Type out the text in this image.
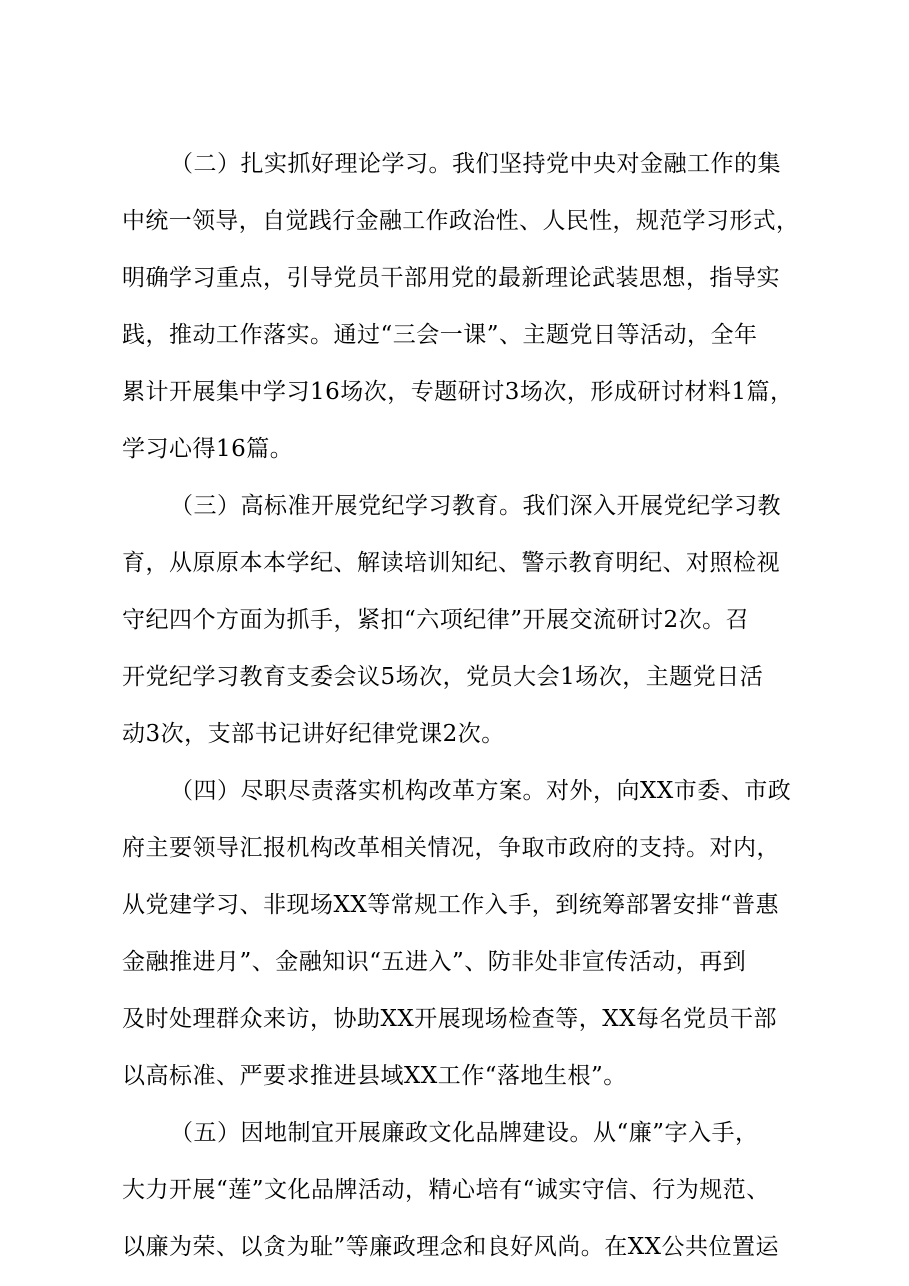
（二）扎实抓好理论学习。我们坚持党中央对金融工作的集
中统一领导，自觉践行金融工作政治性、人民性，规范学习形式，
明确学习重点，引导党员干部用党的最新理论武装思想，指导实
践，推动工作落实。通过“三会一课”、主题党日等活动，全年
累计开展集中学习16场次，专题研讨3场次，形成研讨材料1篇，
学习心得16篇。
（三）高标准开展党纪学习教育。我们深入开展党纪学习教
育，从原原本本学纪、解读培训知纪、警示教育明纪、对照检视
守纪四个方面为抓手，紧扣“六项纪律”开展交流研讨2次。召
开党纪学习教育支委会议5场次，党员大会1场次，主题党日活
动3次，支部书记讲好纪律党课2次。
（四）尽职尽责落实机构改革方案。对外，向XX市委、市政
府主要领导汇报机构改革相关情况，争取市政府的支持。对内，
从党建学习、非现场XX等常规工作入手，到统筹部署安排“普惠
金融推进月”、金融知识“五进入”、防非处非宣传活动，再到
及时处理群众来访，协助XX开展现场检查等，XX每名党员干部
以高标准、严要求推进县域XX工作“落地生根”。
（五）因地制宜开展廉政文化品牌建设。从“廉”字入手，
大力开展“莲”文化品牌活动，精心培有“诚实守信、行为规范、
以廉为荣、以贪为耻”等廉政理念和良好风尚。在XX公共位置运
